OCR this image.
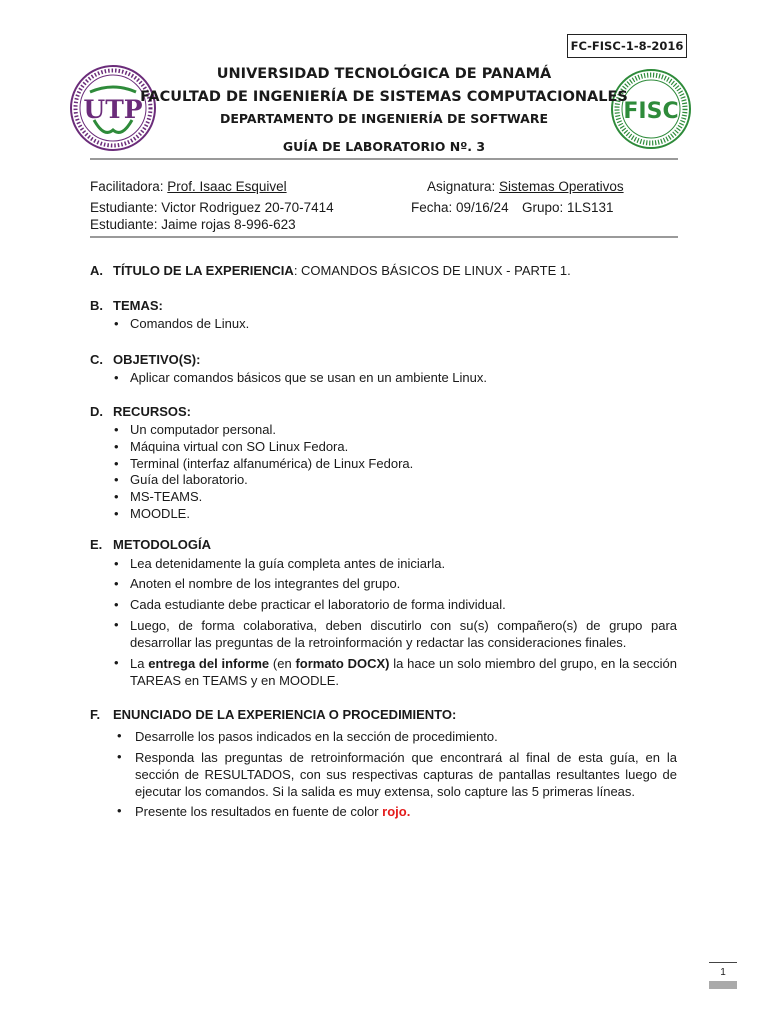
FC-FISC-1-8-2016
UTP	FISC
UNIVERSIDAD TECNOLÓGICA DE PANAMÁ
FACULTAD DE INGENIERÍA DE SISTEMAS COMPUTACIONALES
DEPARTAMENTO DE INGENIERÍA DE SOFTWARE
GUÍA DE LABORATORIO Nº. 3
Facilitadora: Prof. Isaac Esquivel	Asignatura: Sistemas Operativos
Estudiante: Victor Rodriguez 20-70-7414	Fecha: 09/16/24 Grupo: 1LS131
Estudiante: Jaime rojas 8-996-623
A. TÍTULO DE LA EXPERIENCIA: COMANDOS BÁSICOS DE LINUX - PARTE 1.
B. TEMAS:
Comandos de Linux.
C. OBJETIVO(S):
Aplicar comandos básicos que se usan en un ambiente Linux.
D. RECURSOS:
Un computador personal.
Máquina virtual con SO Linux Fedora.
Terminal (interfaz alfanumérica) de Linux Fedora.
Guía del laboratorio.
MS-TEAMS.
MOODLE.
E. METODOLOGÍA
Lea detenidamente la guía completa antes de iniciarla.
Anoten el nombre de los integrantes del grupo.
Cada estudiante debe practicar el laboratorio de forma individual.
• Luego, de forma colaborativa, deben discutirlo con su(s) compañero(s) de grupo para desarrollar las preguntas de la retroinformación y redactar las consideraciones finales.
• La entrega del informe (en formato DOCX) la hace un solo miembro del grupo, en la sección TAREAS en TEAMS y en MOODLE.
F. ENUNCIADO DE LA EXPERIENCIA O PROCEDIMIENTO:
• Desarrolle los pasos indicados en la sección de procedimiento.
• Responda las preguntas de retroinformación que encontrará al final de esta guía, en la sección de RESULTADOS, con sus respectivas capturas de pantallas resultantes luego de ejecutar los comandos. Si la salida es muy extensa, solo capture las 5 primeras líneas.
• Presente los resultados en fuente de color rojo.
1
